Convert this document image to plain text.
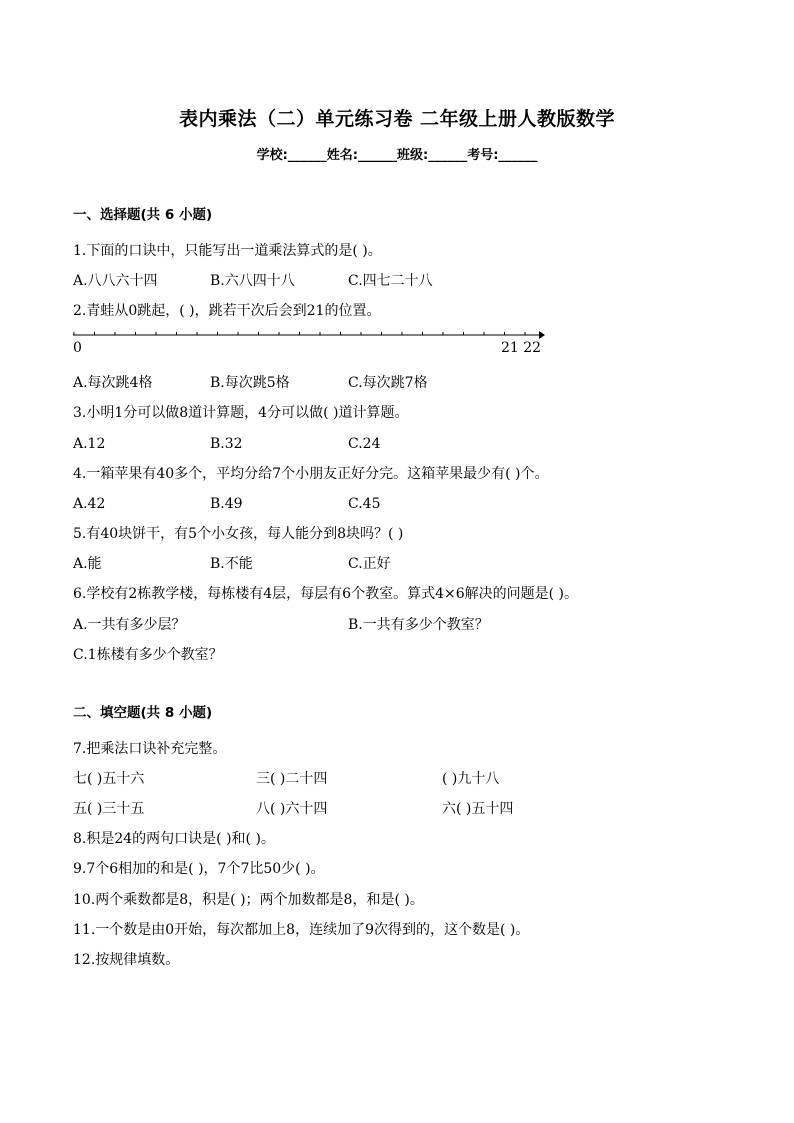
表内乘法（二）单元练习卷 二年级上册人教版数学
学校:______姓名:______班级:______考号:______
一、选择题(共 6 小题)
1.下面的口诀中，只能写出一道乘法算式的是( )。
A.八八六十四	B.六八四十八	C.四七二十八
2.青蛙从0跳起，( )，跳若干次后会到21的位置。
0	21 22
A.每次跳4格	B.每次跳5格	C.每次跳7格
3.小明1分可以做8道计算题，4分可以做( )道计算题。
A.12	B.32	C.24
4.一箱苹果有40多个，平均分给7个小朋友正好分完。这箱苹果最少有( )个。
A.42	B.49	C.45
5.有40块饼干，有5个小女孩，每人能分到8块吗？( )
A.能	B.不能	C.正好
6.学校有2栋教学楼，每栋楼有4层，每层有6个教室。算式4×6解决的问题是( )。
A.一共有多少层？	B.一共有多少个教室？
C.1栋楼有多少个教室？
二、填空题(共 8 小题)
7.把乘法口诀补充完整。
七( )五十六	三( )二十四	( )九十八
五( )三十五	八( )六十四	六( )五十四
8.积是24的两句口诀是( )和( )。
9.7个6相加的和是( )，7个7比50少( )。
10.两个乘数都是8，积是( )；两个加数都是8，和是( )。
11.一个数是由0开始，每次都加上8，连续加了9次得到的，这个数是( )。
12.按规律填数。
